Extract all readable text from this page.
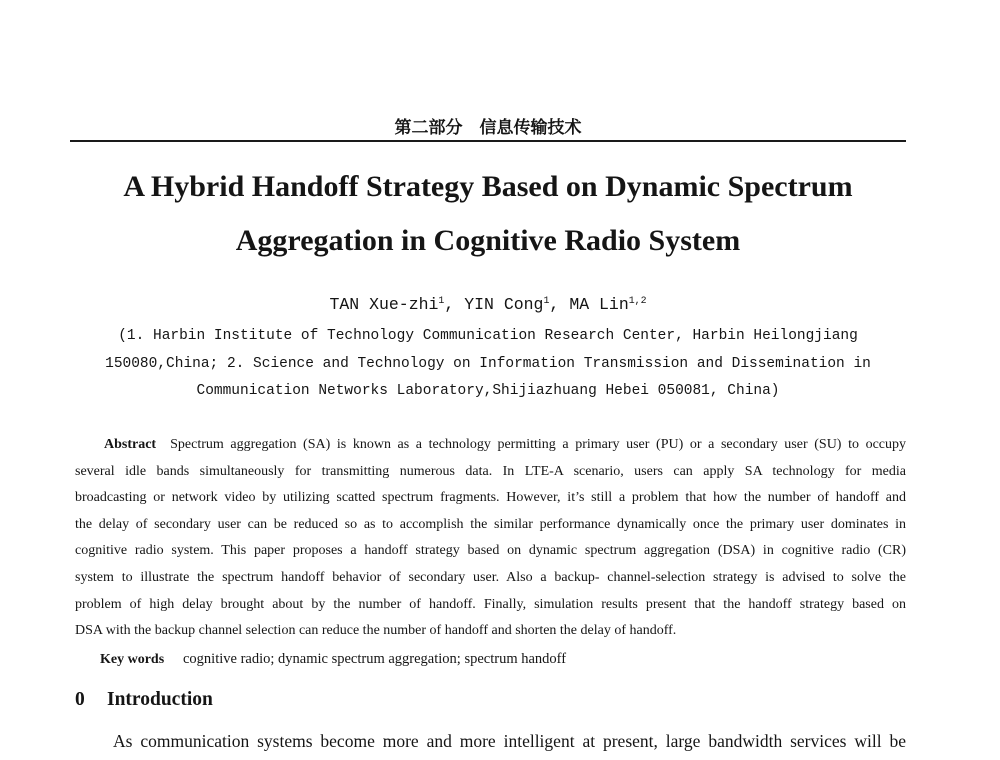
第二部分　信息传输技术
A Hybrid Handoff Strategy Based on Dynamic Spectrum
Aggregation in Cognitive Radio System
TAN Xue-zhi$^1$, YIN Cong$^1$, MA Lin$^{1,2}$
(1. Harbin Institute of Technology Communication Research Center, Harbin Heilongjiang
150080,China; 2. Science and Technology on Information Transmission and Dissemination in
Communication Networks Laboratory,Shijiazhuang Hebei 050081, China)
Abstract Spectrum aggregation (SA) is known as a technology permitting a primary user (PU) or a secondary user (SU) to occupy
several idle bands simultaneously for transmitting numerous data. In LTE-A scenario, users can apply SA technology for media
broadcasting or network video by utilizing scatted spectrum fragments. However, it’s still a problem that how the number of handoff and
the delay of secondary user can be reduced so as to accomplish the similar performance dynamically once the primary user dominates in
cognitive radio system. This paper proposes a handoff strategy based on dynamic spectrum aggregation (DSA) in cognitive radio (CR)
system to illustrate the spectrum handoff behavior of secondary user. Also a backup- channel-selection strategy is advised to solve the
problem of high delay brought about by the number of handoff. Finally, simulation results present that the handoff strategy based on
DSA with the backup channel selection can reduce the number of handoff and shorten the delay of handoff.
Key words cognitive radio; dynamic spectrum aggregation; spectrum handoff
0 Introduction
As communication systems become more and more intelligent at present, large bandwidth services will be
